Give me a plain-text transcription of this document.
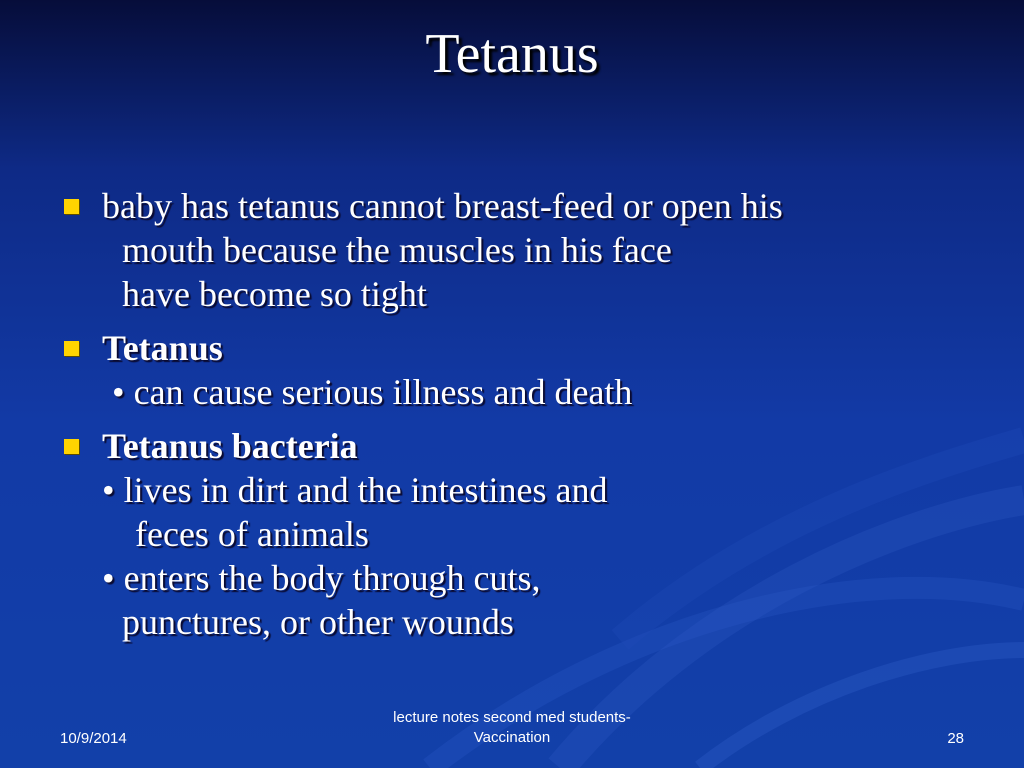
Tetanus
baby has tetanus cannot breast-feed or open his
mouth because the muscles in his face
have become so tight
Tetanus
• can cause serious illness and death
Tetanus bacteria
• lives in dirt and the intestines and
feces of animals
• enters the body through cuts,
punctures, or other wounds
lecture notes second med students-
Vaccination
10/9/2014	28
